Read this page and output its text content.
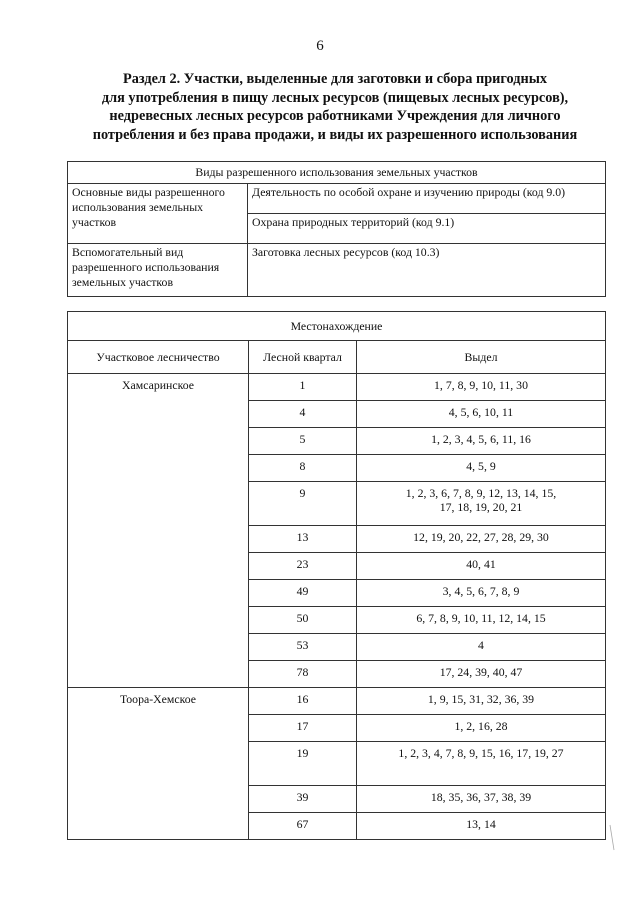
6
Раздел 2. Участки, выделенные для заготовки и сбора пригодных
для употребления в пищу лесных ресурсов (пищевых лесных ресурсов),
недревесных лесных ресурсов работниками Учреждения для личного
потребления и без права продажи, и виды их разрешенного использования
Виды разрешенного использования земельных участков	
Основные виды разрешенного использования земельных участков	Деятельность по особой охране и изучению природы (код 9.0)
	Охрана природных территорий (код 9.1)
Вспомогательный вид разрешенного использования земельных участков	Заготовка лесных ресурсов (код 10.3)
Местонахождение		
Участковое лесничество	Лесной квартал	Выдел
Хамсаринское	1	1, 7, 8, 9, 10, 11, 30
	4	4, 5, 6, 10, 11
	5	1, 2, 3, 4, 5, 6, 11, 16
	8	4, 5, 9
	9	1, 2, 3, 6, 7, 8, 9, 12, 13, 14, 15, 17, 18, 19, 20, 21
	13	12, 19, 20, 22, 27, 28, 29, 30
	23	40, 41
	49	3, 4, 5, 6, 7, 8, 9
	50	6, 7, 8, 9, 10, 11, 12, 14, 15
	53	4
	78	17, 24, 39, 40, 47
Тоора-Хемское	16	1, 9, 15, 31, 32, 36, 39
	17	1, 2, 16, 28
	19	1, 2, 3, 4, 7, 8, 9, 15, 16, 17, 19, 27
	39	18, 35, 36, 37, 38, 39
	67	13, 14
